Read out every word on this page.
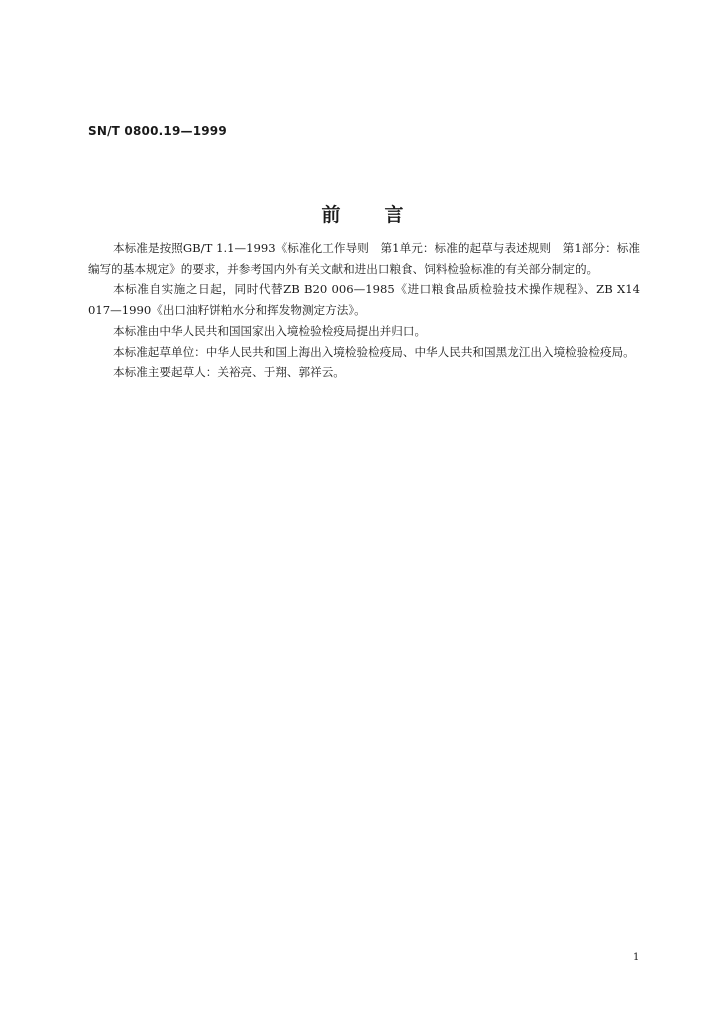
SN/T 0800.19—1999
前言

本标准是按照GB/T 1.1—1993《标准化工作导则　第1单元：标准的起草与表述规则　第1部分：标准编写的基本规定》的要求，并参考国内外有关文献和进出口粮食、饲料检验标准的有关部分制定的。

本标准自实施之日起，同时代替ZB B20 006—1985《进口粮食品质检验技术操作规程》、ZB X14 017—1990《出口油籽饼粕水分和挥发物测定方法》。

本标准由中华人民共和国国家出入境检验检疫局提出并归口。

本标准起草单位：中华人民共和国上海出入境检验检疫局、中华人民共和国黑龙江出入境检验检疫局。

本标准主要起草人：关裕亮、于翔、郭祥云。

1
